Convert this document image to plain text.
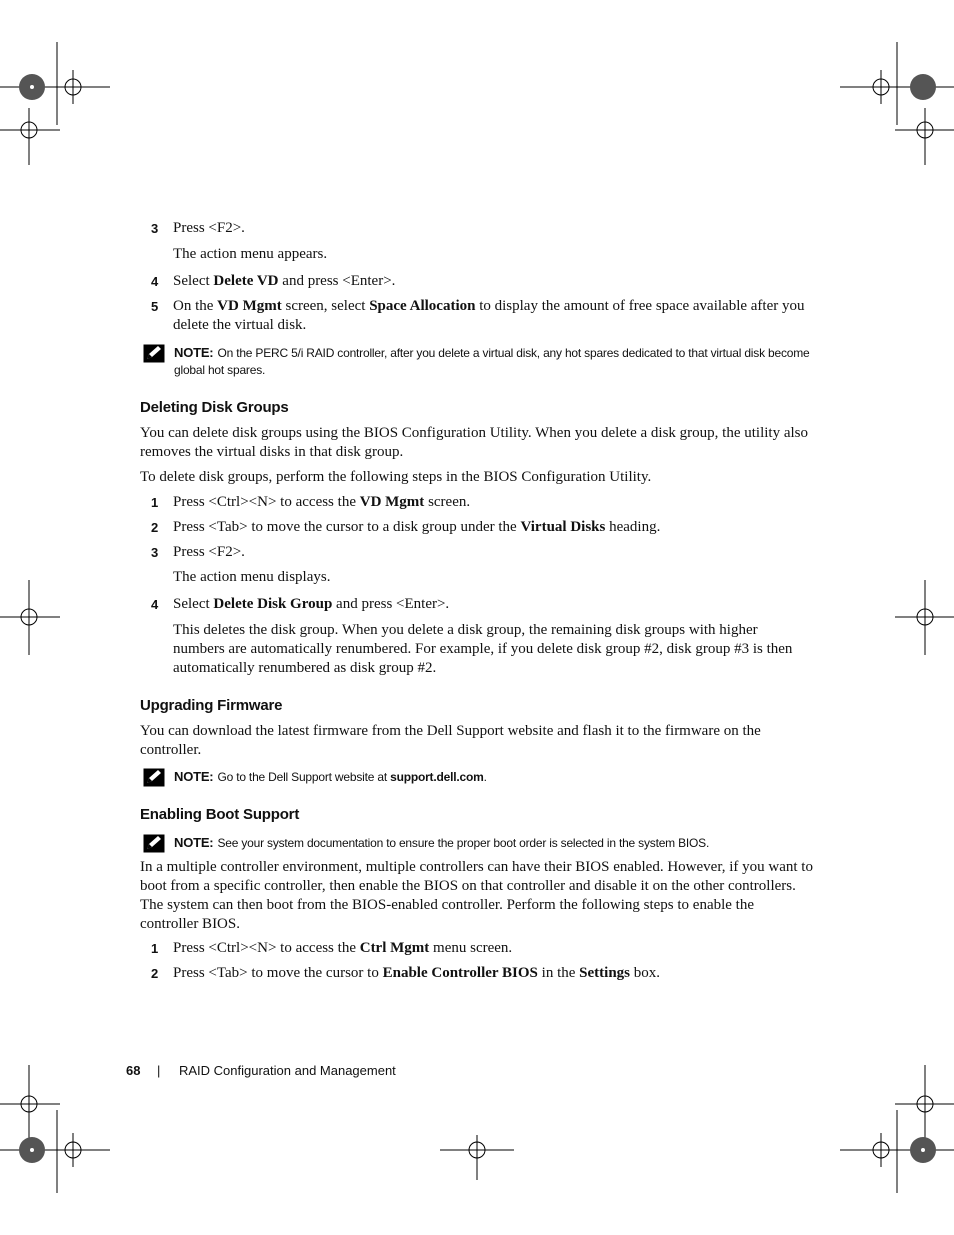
3 Press <F2>.
The action menu appears.
4 Select Delete VD and press <Enter>.
5 On the VD Mgmt screen, select Space Allocation to display the amount of free space available after you delete the virtual disk.
NOTE: On the PERC 5/i RAID controller, after you delete a virtual disk, any hot spares dedicated to that virtual disk become global hot spares.
Deleting Disk Groups
You can delete disk groups using the BIOS Configuration Utility. When you delete a disk group, the utility also removes the virtual disks in that disk group.
To delete disk groups, perform the following steps in the BIOS Configuration Utility.
1 Press <Ctrl><N> to access the VD Mgmt screen.
2 Press <Tab> to move the cursor to a disk group under the Virtual Disks heading.
3 Press <F2>.
The action menu displays.
4 Select Delete Disk Group and press <Enter>.
This deletes the disk group. When you delete a disk group, the remaining disk groups with higher numbers are automatically renumbered. For example, if you delete disk group #2, disk group #3 is then automatically renumbered as disk group #2.
Upgrading Firmware
You can download the latest firmware from the Dell Support website and flash it to the firmware on the controller.
NOTE: Go to the Dell Support website at support.dell.com.
Enabling Boot Support
NOTE: See your system documentation to ensure the proper boot order is selected in the system BIOS.
In a multiple controller environment, multiple controllers can have their BIOS enabled. However, if you want to boot from a specific controller, then enable the BIOS on that controller and disable it on the other controllers. The system can then boot from the BIOS-enabled controller. Perform the following steps to enable the controller BIOS.
1 Press <Ctrl><N> to access the Ctrl Mgmt menu screen.
2 Press <Tab> to move the cursor to Enable Controller BIOS in the Settings box.
68 | RAID Configuration and Management
